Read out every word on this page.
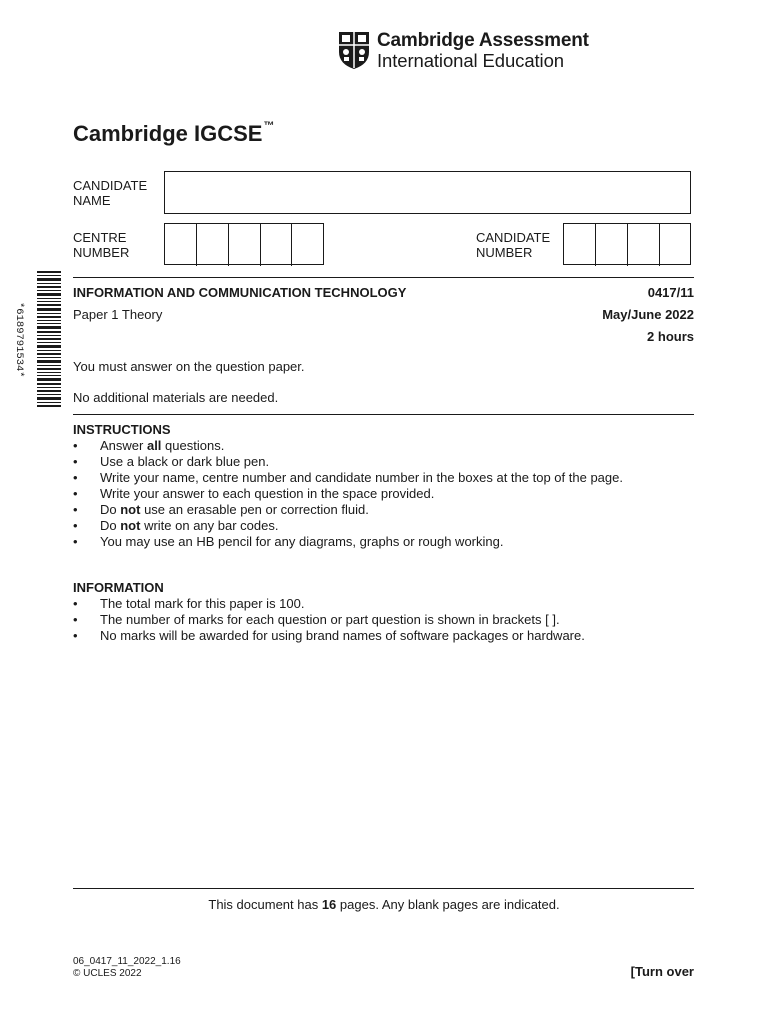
Cambridge Assessment
International Education
Cambridge IGCSE™
CANDIDATE
NAME
CENTRE
NUMBER
CANDIDATE
NUMBER
*6189791534*
INFORMATION AND COMMUNICATION TECHNOLOGY	0417/11
Paper 1 Theory	May/June 2022
2 hours
You must answer on the question paper.
No additional materials are needed.
INSTRUCTIONS
• Answer all questions.
• Use a black or dark blue pen.
• Write your name, centre number and candidate number in the boxes at the top of the page.
• Write your answer to each question in the space provided.
• Do not use an erasable pen or correction fluid.
• Do not write on any bar codes.
• You may use an HB pencil for any diagrams, graphs or rough working.
INFORMATION
• The total mark for this paper is 100.
• The number of marks for each question or part question is shown in brackets [ ].
• No marks will be awarded for using brand names of software packages or hardware.
This document has 16 pages. Any blank pages are indicated.
06_0417_11_2022_1.16
© UCLES 2022	[Turn over
